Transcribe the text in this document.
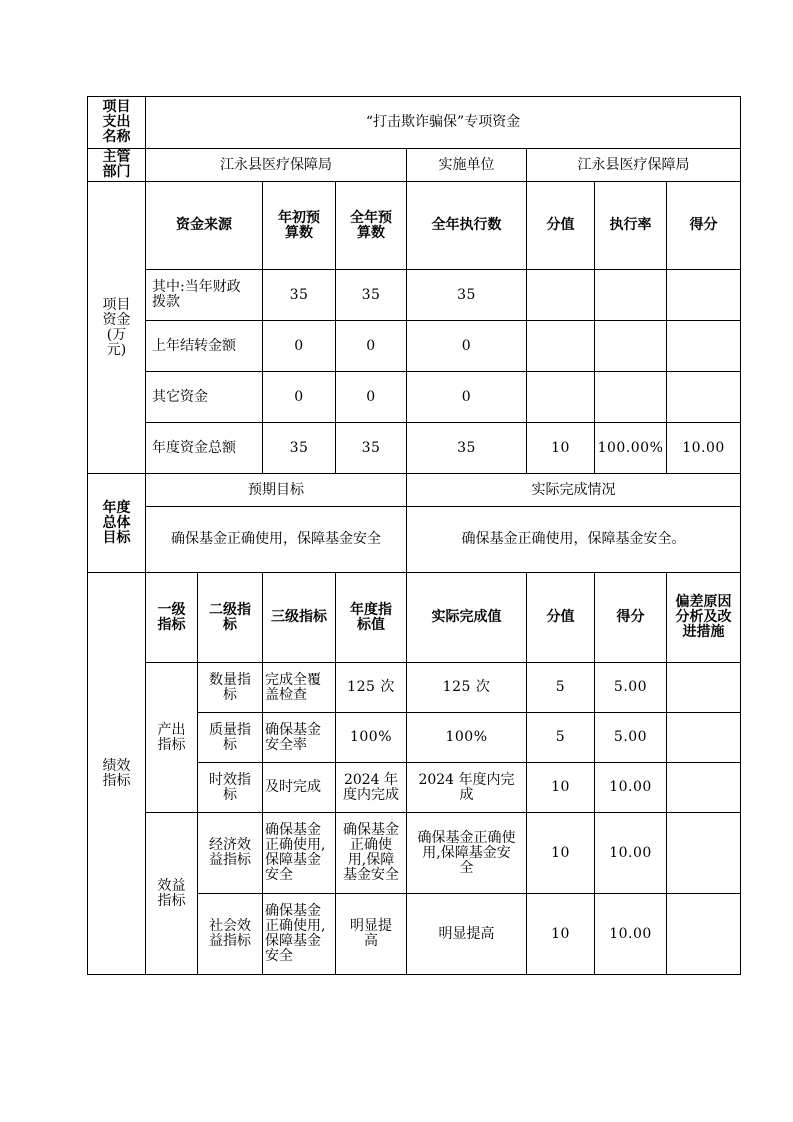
项目支出名称	“打击欺诈骗保”专项资金							
主管部门	江永县医疗保障局				实施单位	江永县医疗保障局		
项目资金(万元)	资金来源		年初预算数	全年预算数	全年执行数	分值	执行率	得分
	其中:当年财政拨款		35	35	35			
	上年结转金额		0	0	0			
	其它资金		0	0	0			
	年度资金总额		35	35	35	10	100.00%	10.00
年度总体目标	预期目标				实际完成情况			
	确保基金正确使用，保障基金安全				确保基金正确使用，保障基金安全。			
绩效指标	一级指标	二级指标	三级指标	年度指标值	实际完成值	分值	得分	偏差原因分析及改进措施
	产出指标	数量指标	完成全覆盖检查	125 次	125 次	5	5.00	
		质量指标	确保基金安全率	100%	100%	5	5.00	
		时效指标	及时完成	2024 年度内完成	2024 年度内完成	10	10.00	
	效益指标	经济效益指标	确保基金正确使用,保障基金安全	确保基金正确使用,保障基金安全	确保基金正确使用,保障基金安全	10	10.00	
		社会效益指标	确保基金正确使用,保障基金安全	明显提高	明显提高	10	10.00	
